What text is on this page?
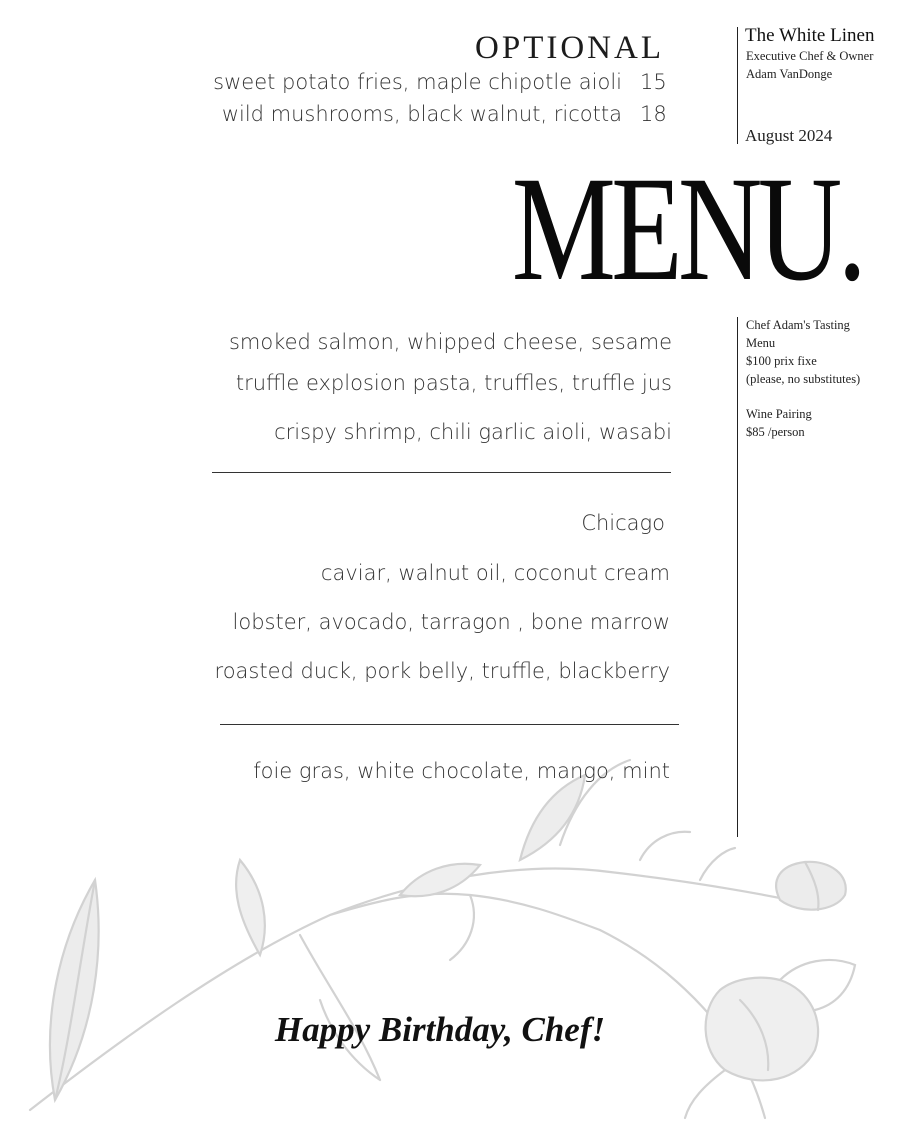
OPTIONAL
sweet potato fries, maple chipotle aioli 15
wild mushrooms, black walnut, ricotta 18
The White Linen
Executive Chef & Owner
Adam VanDonge
August 2024
Chef Adam's Tasting
Menu
$100 prix fixe
(please, no substitutes)
Wine Pairing
$85 /person
MENU.
smoked salmon, whipped cheese, sesame
truffle explosion pasta, truffles, truffle jus
crispy shrimp, chili garlic aioli, wasabi
Chicago
caviar, walnut oil, coconut cream
lobster, avocado, tarragon , bone marrow
roasted duck, pork belly, truffle, blackberry
foie gras, white chocolate, mango, mint
Happy Birthday, Chef!
